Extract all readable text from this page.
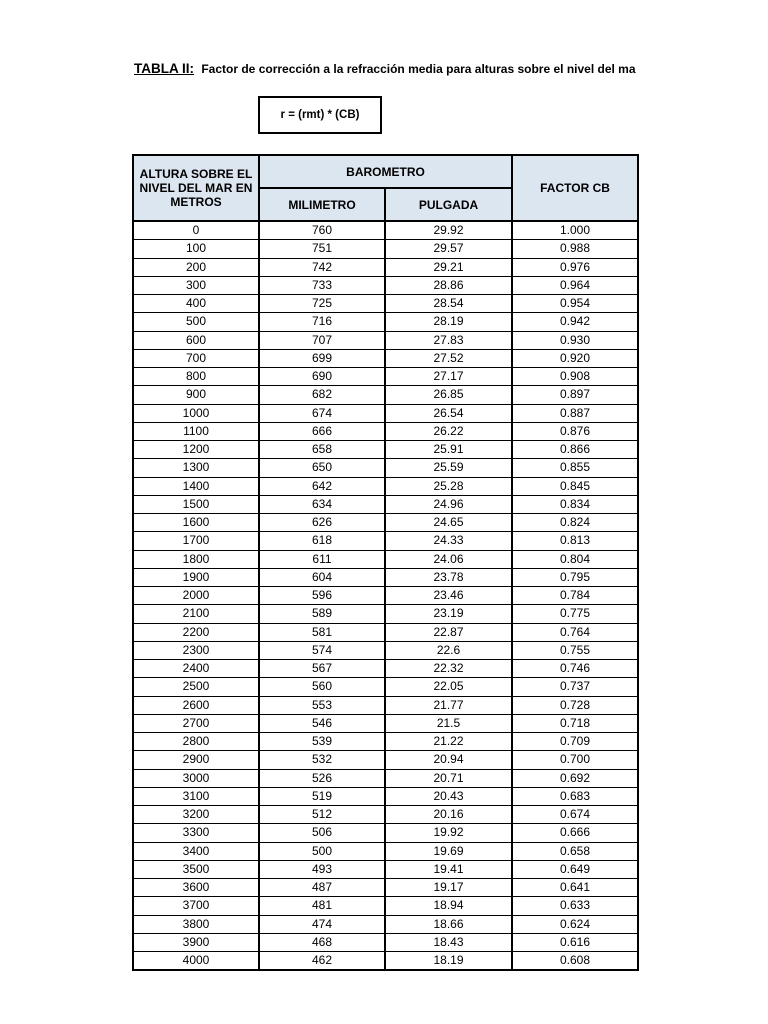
TABLA II: Factor de corrección a la refracción media para alturas sobre el nivel del ma
r = (rmt) * (CB)
ALTURA SOBRE EL NIVEL DEL MAR EN METROS	BAROMETRO		FACTOR CB
	MILIMETRO	PULGADA	
0	760	29.92	1.000
100	751	29.57	0.988
200	742	29.21	0.976
300	733	28.86	0.964
400	725	28.54	0.954
500	716	28.19	0.942
600	707	27.83	0.930
700	699	27.52	0.920
800	690	27.17	0.908
900	682	26.85	0.897
1000	674	26.54	0.887
1100	666	26.22	0.876
1200	658	25.91	0.866
1300	650	25.59	0.855
1400	642	25.28	0.845
1500	634	24.96	0.834
1600	626	24.65	0.824
1700	618	24.33	0.813
1800	611	24.06	0.804
1900	604	23.78	0.795
2000	596	23.46	0.784
2100	589	23.19	0.775
2200	581	22.87	0.764
2300	574	22.6	0.755
2400	567	22.32	0.746
2500	560	22.05	0.737
2600	553	21.77	0.728
2700	546	21.5	0.718
2800	539	21.22	0.709
2900	532	20.94	0.700
3000	526	20.71	0.692
3100	519	20.43	0.683
3200	512	20.16	0.674
3300	506	19.92	0.666
3400	500	19.69	0.658
3500	493	19.41	0.649
3600	487	19.17	0.641
3700	481	18.94	0.633
3800	474	18.66	0.624
3900	468	18.43	0.616
4000	462	18.19	0.608
